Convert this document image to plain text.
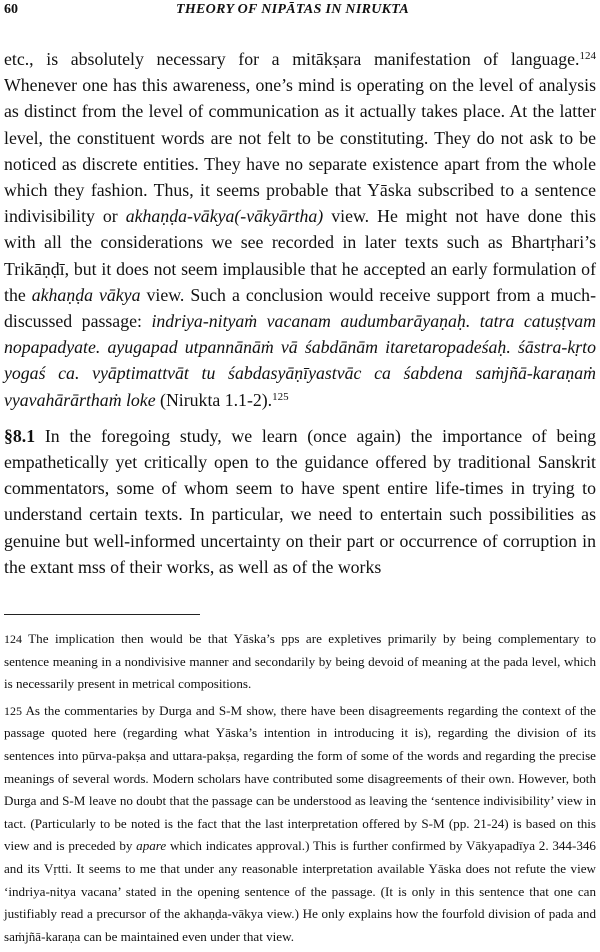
60	THEORY OF NIPĀTAS IN NIRUKTA

etc., is absolutely necessary for a mitākṣara manifestation of language.$^{124}$ Whenever one has this awareness, one’s mind is operating on the level of analysis as distinct from the level of communication as it actually takes place. At the latter level, the constituent words are not felt to be constituting. They do not ask to be noticed as discrete entities. They have no separate existence apart from the whole which they fashion. Thus, it seems probable that Yāska subscribed to a sentence indivisibility or akhaṇḍa-vākya(-vākyārtha) view. He might not have done this with all the considerations we see recorded in later texts such as Bhartṛhari’s Trikāṇḍī, but it does not seem implausible that he accepted an early formulation of the akhaṇḍa vākya view. Such a conclusion would receive support from a much-discussed passage: indriya-nityaṁ vacanam audumbarāyaṇaḥ. tatra catuṣṭvam nopapadyate. ayugapad utpannānāṁ vā śabdānām itaretaropadeśaḥ. śāstra-kṛto yogaś ca. vyāptimattvāt tu śabdasyāṇīyastvāc ca śabdena saṁjñā-karaṇaṁ vyavahārārthaṁ loke (Nirukta 1.1-2).$^{125}$

§8.1 In the foregoing study, we learn (once again) the importance of being empathetically yet critically open to the guidance offered by traditional Sanskrit commentators, some of whom seem to have spent entire life-times in trying to understand certain texts. In particular, we need to entertain such possibilities as genuine but well-informed uncertainty on their part or occurrence of corruption in the extant mss of their works, as well as of the works

124 The implication then would be that Yāska’s pps are expletives primarily by being complementary to sentence meaning in a nondivisive manner and secondarily by being devoid of meaning at the pada level, which is necessarily present in metrical compositions.

125 As the commentaries by Durga and S-M show, there have been disagreements regarding the context of the passage quoted here (regarding what Yāska’s intention in introducing it is), regarding the division of its sentences into pūrva-pakṣa and uttara-pakṣa, regarding the form of some of the words and regarding the precise meanings of several words. Modern scholars have contributed some disagreements of their own. However, both Durga and S-M leave no doubt that the passage can be understood as leaving the ‘sentence indivisibility’ view in tact. (Particularly to be noted is the fact that the last interpretation offered by S-M (pp. 21-24) is based on this view and is preceded by apare which indicates approval.) This is further confirmed by Vākyapadīya 2. 344-346 and its Vṛtti. It seems to me that under any reasonable interpretation available Yāska does not refute the view ‘indriya-nitya vacana’ stated in the opening sentence of the passage. (It is only in this sentence that one can justifiably read a precursor of the akhaṇḍa-vākya view.) He only explains how the fourfold division of pada and saṁjñā-karaṇa can be maintained even under that view.
